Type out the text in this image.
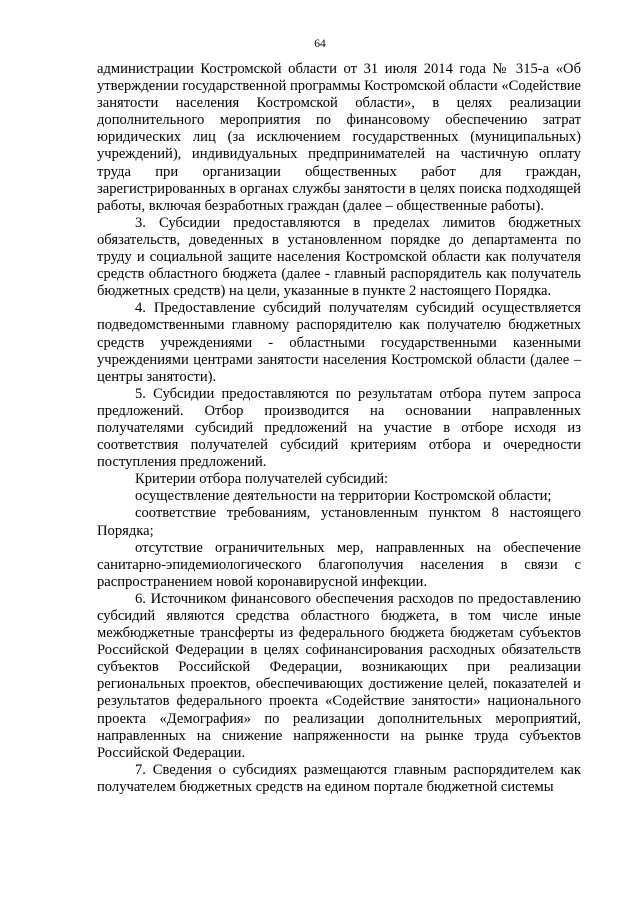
64

администрации Костромской области от 31 июля 2014 года № 315-а «Об утверждении государственной программы Костромской области «Содействие занятости населения Костромской области», в целях реализации дополнительного мероприятия по финансовому обеспечению затрат юридических лиц (за исключением государственных (муниципальных) учреждений), индивидуальных предпринимателей на частичную оплату труда при организации общественных работ для граждан, зарегистрированных в органах службы занятости в целях поиска подходящей работы, включая безработных граждан (далее – общественные работы).

3. Субсидии предоставляются в пределах лимитов бюджетных обязательств, доведенных в установленном порядке до департамента по труду и социальной защите населения Костромской области как получателя средств областного бюджета (далее - главный распорядитель как получатель бюджетных средств) на цели, указанные в пункте 2 настоящего Порядка.

4. Предоставление субсидий получателям субсидий осуществляется подведомственными главному распорядителю как получателю бюджетных средств учреждениями - областными государственными казенными учреждениями центрами занятости населения Костромской области (далее – центры занятости).

5. Субсидии предоставляются по результатам отбора путем запроса предложений. Отбор производится на основании направленных получателями субсидий предложений на участие в отборе исходя из соответствия получателей субсидий критериям отбора и очередности поступления предложений.

Критерии отбора получателей субсидий:

осуществление деятельности на территории Костромской области;

соответствие требованиям, установленным пунктом 8 настоящего Порядка;

отсутствие ограничительных мер, направленных на обеспечение санитарно-эпидемиологического благополучия населения в связи с распространением новой коронавирусной инфекции.

6. Источником финансового обеспечения расходов по предоставлению субсидий являются средства областного бюджета, в том числе иные межбюджетные трансферты из федерального бюджета бюджетам субъектов Российской Федерации в целях софинансирования расходных обязательств субъектов Российской Федерации, возникающих при реализации региональных проектов, обеспечивающих достижение целей, показателей и результатов федерального проекта «Содействие занятости» национального проекта «Демография» по реализации дополнительных мероприятий, направленных на снижение напряженности на рынке труда субъектов Российской Федерации.

7. Сведения о субсидиях размещаются главным распорядителем как получателем бюджетных средств на едином портале бюджетной системы
